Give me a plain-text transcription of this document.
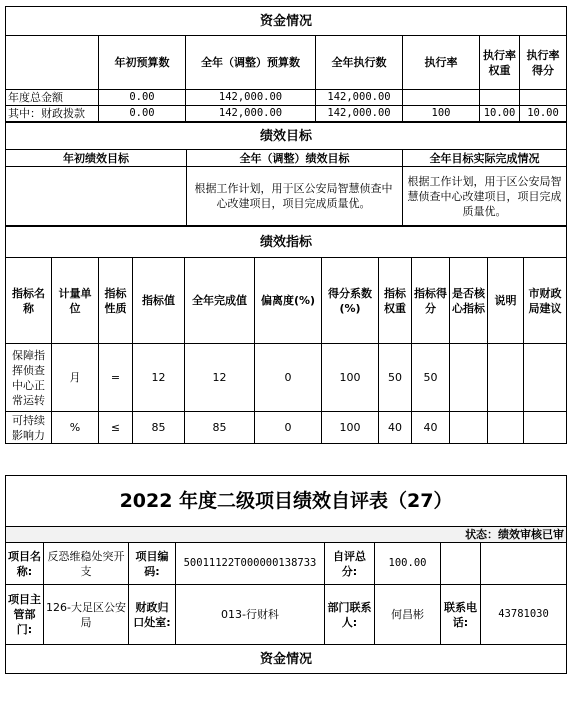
资金情况						
	年初预算数	全年（调整）预算数	全年执行数	执行率	执行率权重	执行率得分
年度总金额	0.00	142,000.00	142,000.00			
其中：财政拨款	0.00	142,000.00	142,000.00	100	10.00	10.00
绩效目标		
年初绩效目标	全年（调整）绩效目标	全年目标实际完成情况
	根据工作计划，用于区公安局智慧侦查中心改建项目，项目完成质量优。	根据工作计划，用于区公安局智慧侦查中心改建项目，项目完成质量优。
绩效指标											
指标名称	计量单位	指标性质	指标值	全年完成值	偏离度(%)	得分系数(%)	指标权重	指标得分	是否核心指标	说明	市财政局建议
保障指挥侦查中心正常运转	月	=	12	12	0	100	50	50			
可持续影响力	%	≤	85	85	0	100	40	40			
2022 年度二级项目绩效自评表（27）							
状态：绩效审核已审							
项目名称:	反恐维稳处突开支	项目编码:	50011122T000000138733	自评总分:	100.00		
项目主管部门:	126-大足区公安局	财政归口处室:	013-行财科	部门联系人:	何昌彬	联系电话:	43781030
资金情况							
